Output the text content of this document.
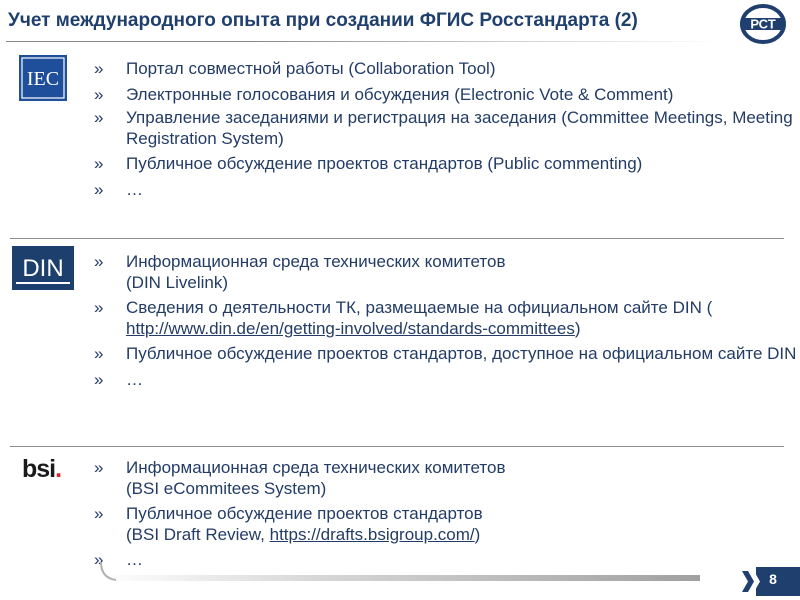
Учет международного опыта при создании ФГИС Росстандарта (2)	РСТ
IEC »	Портал совместной работы (Collaboration Tool)
»	Электронные голосования и обсуждения (Electronic Vote & Comment)
»	Управление заседаниями и регистрация на заседания (Committee Meetings, Meeting Registration System)
»	Публичное обсуждение проектов стандартов (Public commenting)
»	…
DIN »	Информационная среда технических комитетов
(DIN Livelink)
»	Сведения о деятельности ТК, размещаемые на официальном сайте DIN (
http://www.din.de/en/getting-involved/standards-committees)
»	Публичное обсуждение проектов стандартов, доступное на официальном сайте DIN
»	…
bsi. »	Информационная среда технических комитетов
(BSI eCommitees System)
»	Публичное обсуждение проектов стандартов
(BSI Draft Review, https://drafts.bsigroup.com/)
»	…
8
